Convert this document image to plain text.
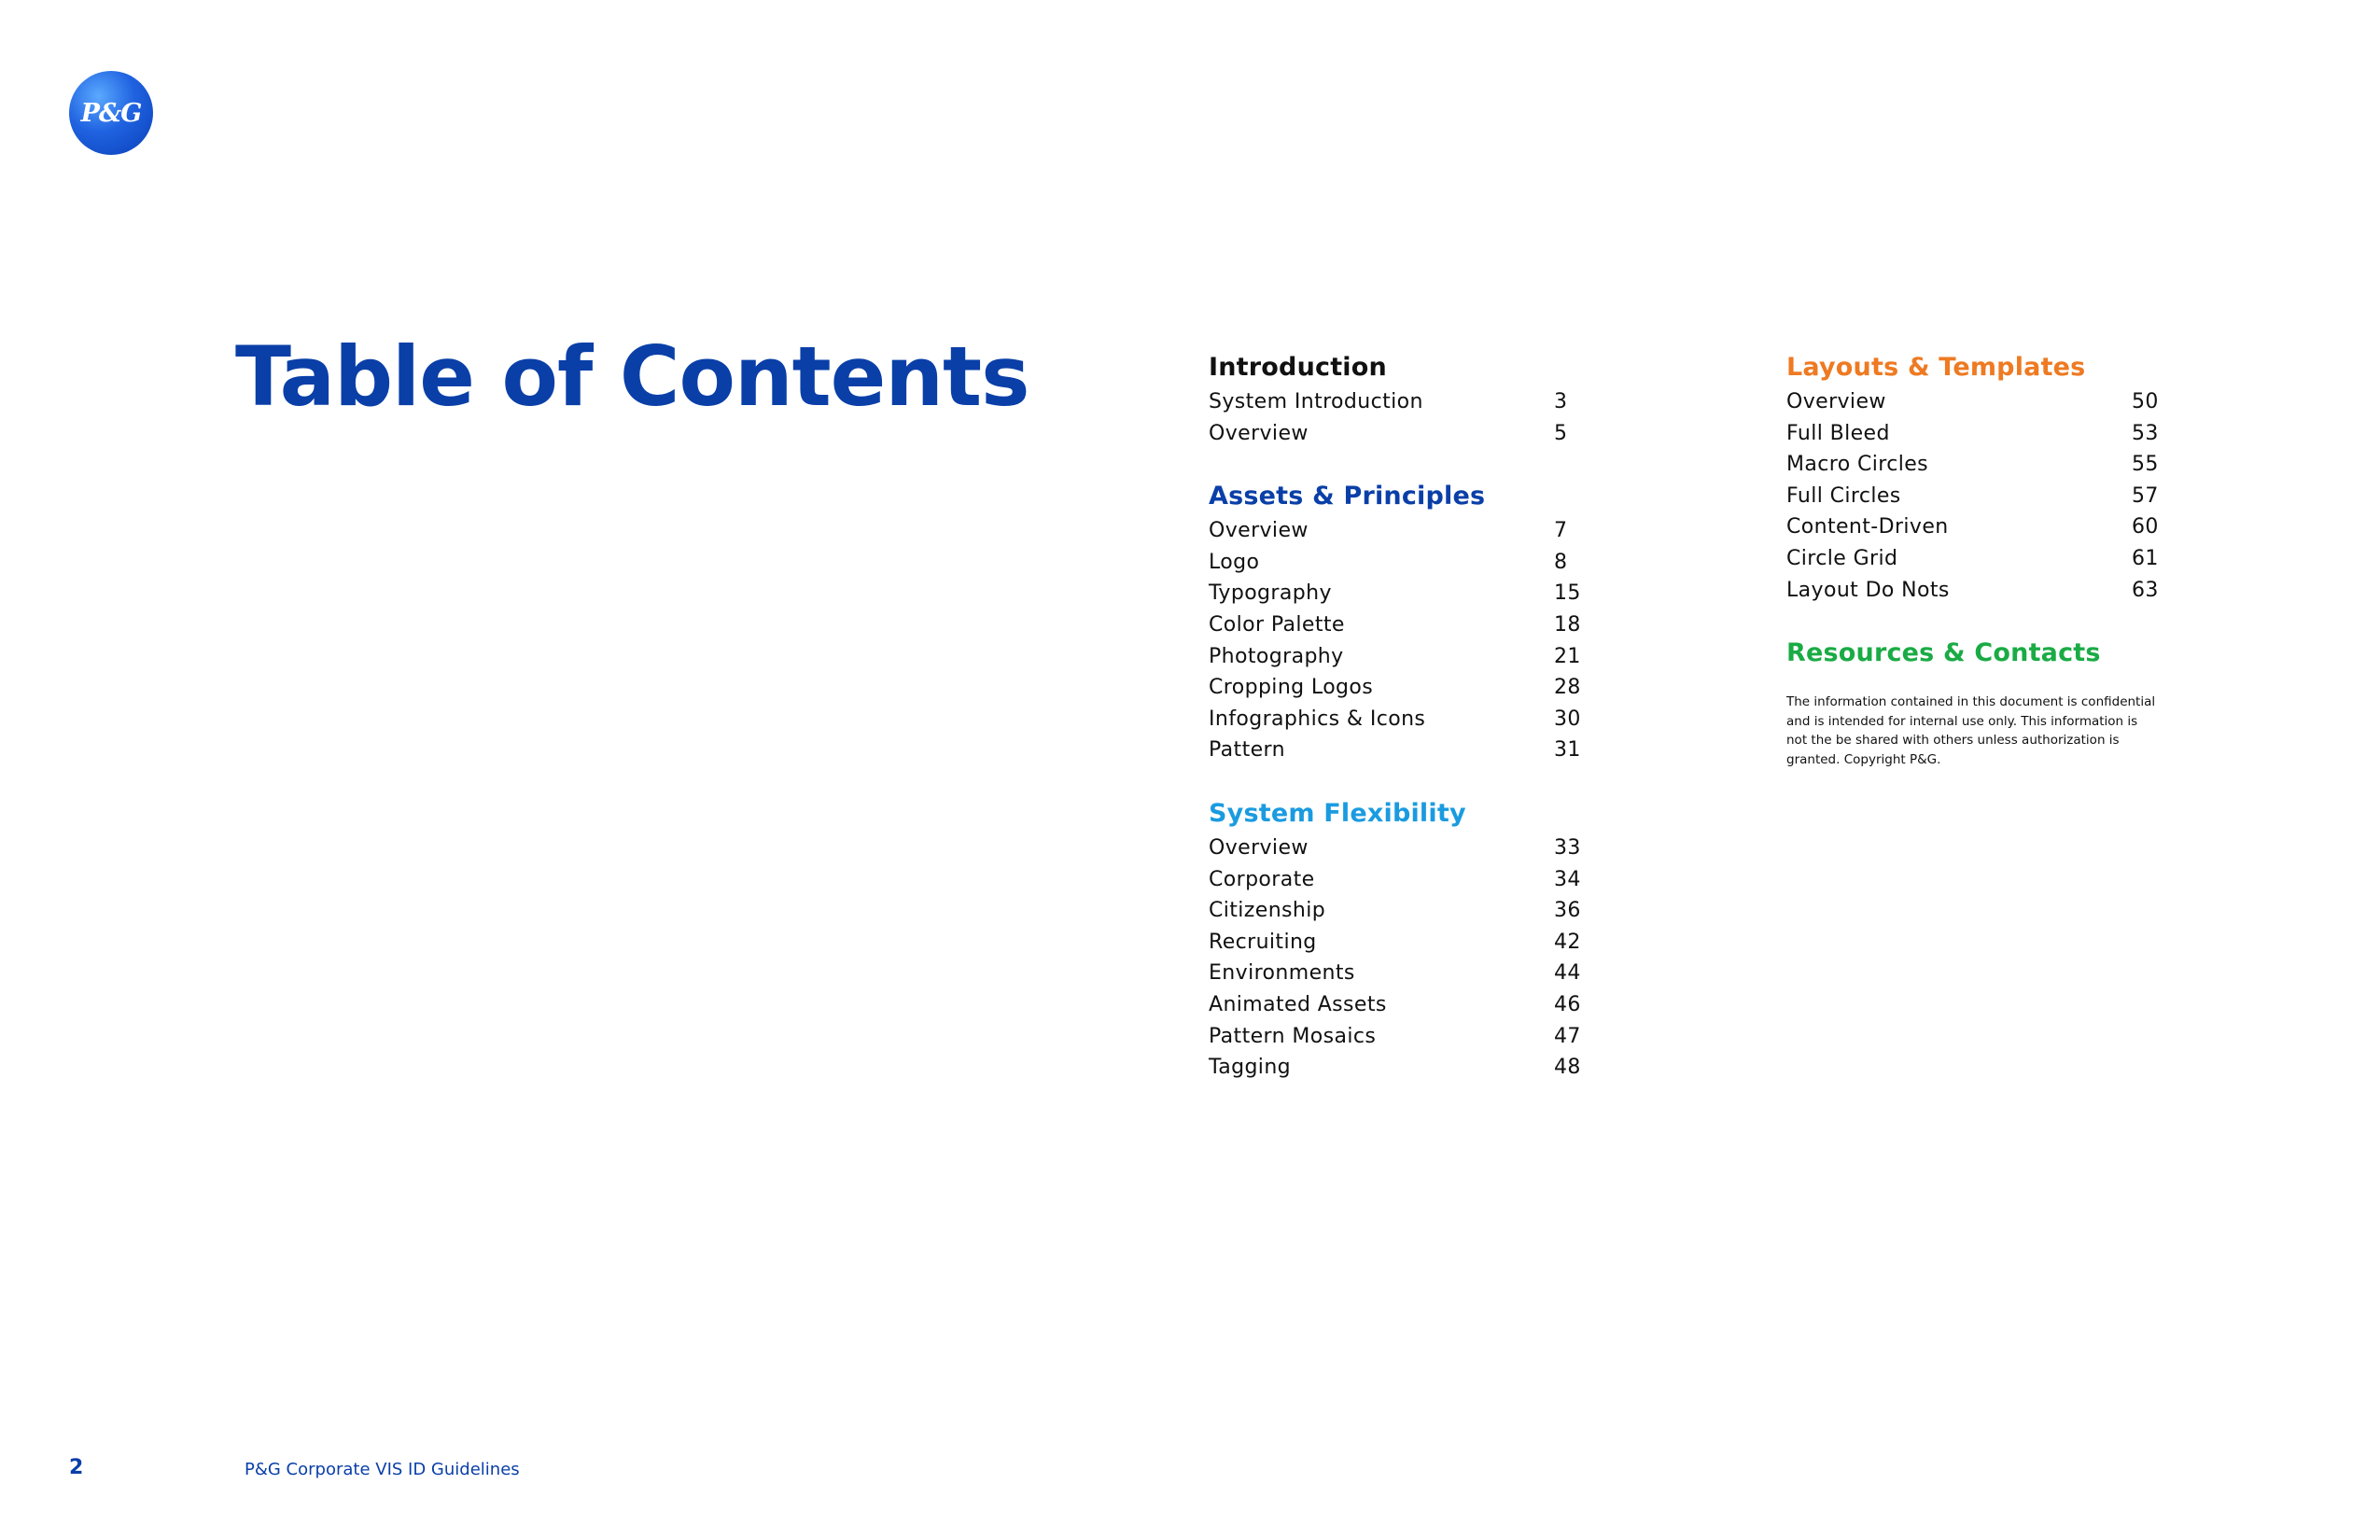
P&G
Table of Contents	Introduction
System Introduction	3
Overview	5
Assets & Principles
Overview	7
Logo	8
Typography	15
Color Palette	18
Photography	21
Cropping Logos	28
Infographics & Icons	30
Pattern	31
System Flexibility
Overview	33
Corporate	34
Citizenship	36
Recruiting	42
Environments	44
Animated Assets	46
Pattern Mosaics	47
Tagging	48
Layouts & Templates
Overview	50
Full Bleed	53
Macro Circles	55
Full Circles	57
Content-Driven	60
Circle Grid	61
Layout Do Nots	63
Resources & Contacts
The information contained in this document is confidential and is intended for internal use only. This information is not the be shared with others unless authorization is granted. Copyright P&G.
2	P&G Corporate VIS ID Guidelines
